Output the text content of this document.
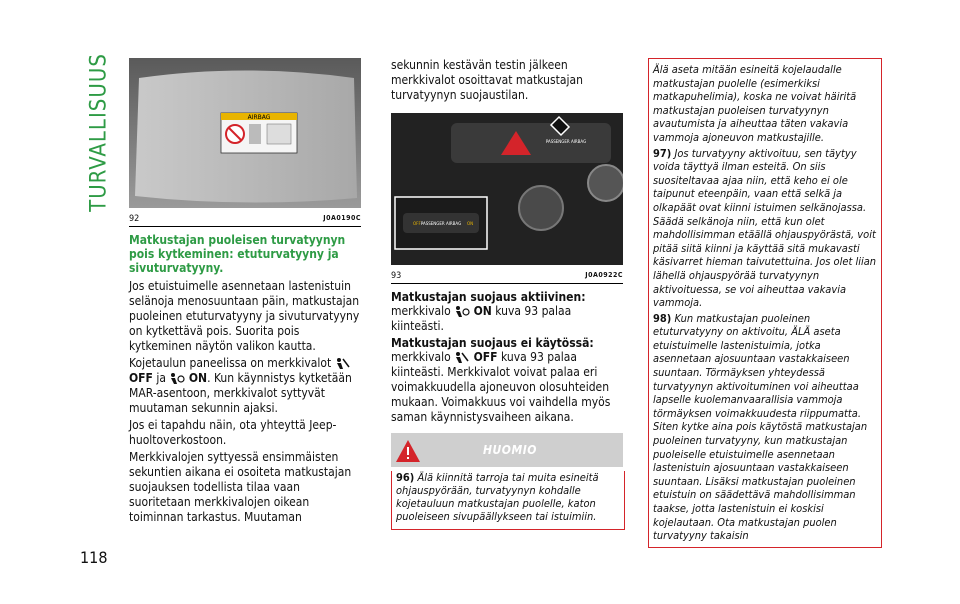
TURVALLISUUS
118
AIRBAG
92	J0A0190C
Matkustajan puoleisen turvatyynyn pois kytkeminen: etuturvatyyny ja sivuturvatyyny.

Jos etuistuimelle asennetaan lastenistuin selänoja menosuuntaan päin, matkustajan puoleinen etuturvatyyny ja sivuturvatyyny on kytkettävä pois. Suorita pois kytkeminen näytön valikon kautta.

Kojetaulun paneelissa on merkkivalot  OFF ja ON. Kun käynnistys kytketään MAR-asentoon, merkkivalot syttyvät muutaman sekunnin ajaksi.

Jos ei tapahdu näin, ota yhteyttä Jeep-huoltoverkostoon.

Merkkivalojen syttyessä ensimmäisten sekuntien aikana ei osoiteta matkustajan suojauksen todellista tilaa vaan suoritetaan merkkivalojen oikean toiminnan tarkastus. Muutaman

sekunnin kestävän testin jälkeen merkkivalot osoittavat matkustajan turvatyynyn suojaustilan.

PASSENGER AIRBAG
PASSENGER AIRBAG
OFF	ON
93	J0A0922C

Matkustajan suojaus aktiivinen:

merkkivalo ON kuva 93 palaa kiinteästi.

Matkustajan suojaus ei käytössä:

merkkivalo OFF kuva 93 palaa kiinteästi. Merkkivalot voivat palaa eri voimakkuudella ajoneuvon olosuhteiden mukaan. Voimakkuus voi vaihdella myös saman käynnistysvaiheen aikana.

HUOMIO

96) Älä kiinnitä tarroja tai muita esineitä ohjauspyörään, turvatyynyn kohdalle kojetauluun matkustajan puolelle, katon puoleiseen sivupäällykseen tai istuimiin.

Älä aseta mitään esineitä kojelaudalle matkustajan puolelle (esimerkiksi matkapuhelimia), koska ne voivat häiritä matkustajan puoleisen turvatyynyn avautumista ja aiheuttaa täten vakavia vammoja ajoneuvon matkustajille.

97) Jos turvatyyny aktivoituu, sen täytyy voida täyttyä ilman esteitä. On siis suositeltavaa ajaa niin, että keho ei ole taipunut eteenpäin, vaan että selkä ja olkapäät ovat kiinni istuimen selkänojassa. Säädä selkänoja niin, että kun olet mahdollisimman etäällä ohjauspyörästä, voit pitää siitä kiinni ja käyttää sitä mukavasti käsivarret hieman taivutettuina. Jos olet liian lähellä ohjauspyörää turvatyynyn aktivoituessa, se voi aiheuttaa vakavia vammoja.

98) Kun matkustajan puoleinen etuturvatyyny on aktivoitu, ÄLÄ aseta etuistuimelle lastenistuimia, jotka asennetaan ajosuuntaan vastakkaiseen suuntaan. Törmäyksen yhteydessä turvatyynyn aktivoituminen voi aiheuttaa lapselle kuolemanvaarallisia vammoja törmäyksen voimakkuudesta riippumatta. Siten kytke aina pois käytöstä matkustajan puoleinen turvatyyny, kun matkustajan puoleiselle etuistuimelle asennetaan lastenistuin ajosuuntaan vastakkaiseen suuntaan. Lisäksi matkustajan puoleinen etuistuin on säädettävä mahdollisimman taakse, jotta lastenistuin ei koskisi kojelautaan. Ota matkustajan puolen turvatyyny takaisin
